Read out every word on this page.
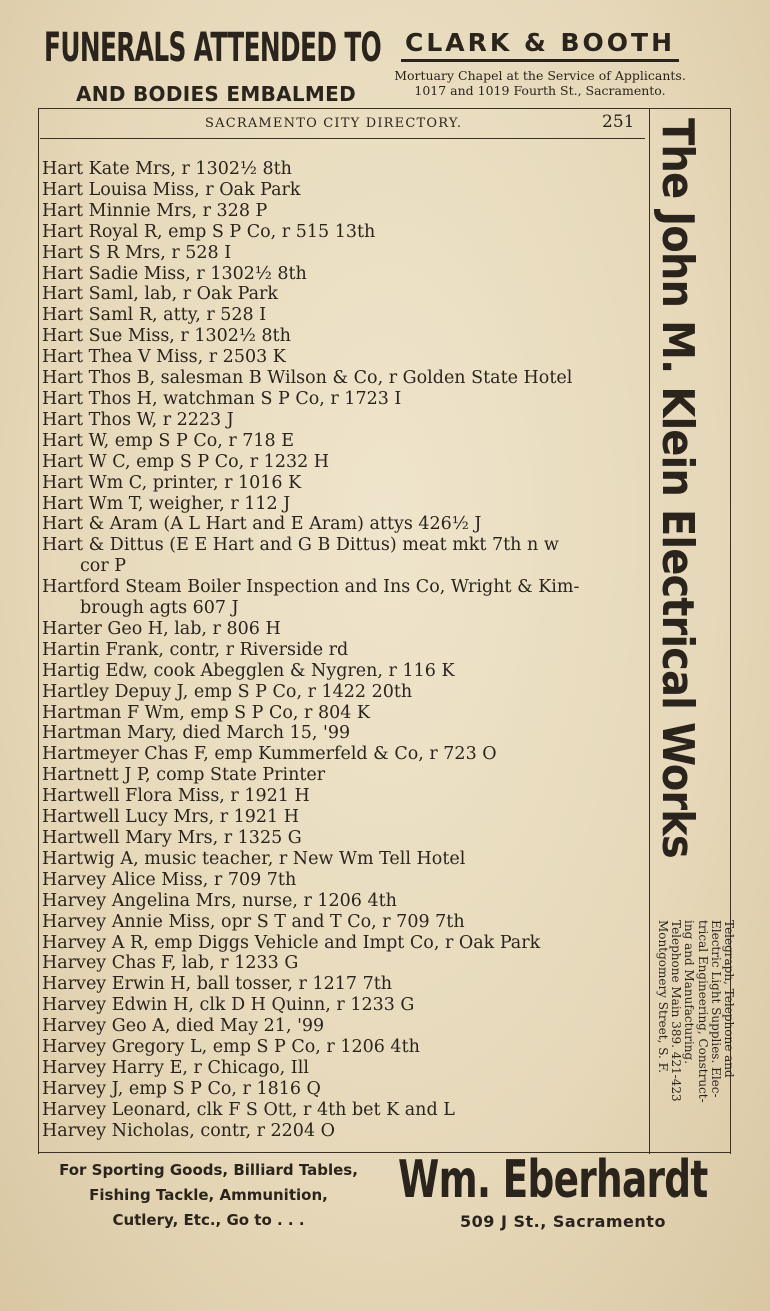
FUNERALS ATTENDED TO
AND BODIES EMBALMED
CLARK & BOOTH
Mortuary Chapel at the Service of Applicants.
1017 and 1019 Fourth St., Sacramento.
SACRAMENTO CITY DIRECTORY.	251
Hart Kate Mrs, r 1302½ 8th
Hart Louisa Miss, r Oak Park
Hart Minnie Mrs, r 328 P
Hart Royal R, emp S P Co, r 515 13th
Hart S R Mrs, r 528 I
Hart Sadie Miss, r 1302½ 8th
Hart Saml, lab, r Oak Park
Hart Saml R, atty, r 528 I
Hart Sue Miss, r 1302½ 8th
Hart Thea V Miss, r 2503 K
Hart Thos B, salesman B Wilson & Co, r Golden State Hotel
Hart Thos H, watchman S P Co, r 1723 I
Hart Thos W, r 2223 J
Hart W, emp S P Co, r 718 E
Hart W C, emp S P Co, r 1232 H
Hart Wm C, printer, r 1016 K
Hart Wm T, weigher, r 112 J
Hart & Aram (A L Hart and E Aram) attys 426½ J
Hart & Dittus (E E Hart and G B Dittus) meat mkt 7th n w
cor P
Hartford Steam Boiler Inspection and Ins Co, Wright & Kim-
brough agts 607 J
Harter Geo H, lab, r 806 H
Hartin Frank, contr, r Riverside rd
Hartig Edw, cook Abegglen & Nygren, r 116 K
Hartley Depuy J, emp S P Co, r 1422 20th
Hartman F Wm, emp S P Co, r 804 K
Hartman Mary, died March 15, '99
Hartmeyer Chas F, emp Kummerfeld & Co, r 723 O
Hartnett J P, comp State Printer
Hartwell Flora Miss, r 1921 H
Hartwell Lucy Mrs, r 1921 H
Hartwell Mary Mrs, r 1325 G
Hartwig A, music teacher, r New Wm Tell Hotel
Harvey Alice Miss, r 709 7th
Harvey Angelina Mrs, nurse, r 1206 4th
Harvey Annie Miss, opr S T and T Co, r 709 7th
Harvey A R, emp Diggs Vehicle and Impt Co, r Oak Park
Harvey Chas F, lab, r 1233 G
Harvey Erwin H, ball tosser, r 1217 7th
Harvey Edwin H, clk D H Quinn, r 1233 G
Harvey Geo A, died May 21, '99
Harvey Gregory L, emp S P Co, r 1206 4th
Harvey Harry E, r Chicago, Ill
Harvey J, emp S P Co, r 1816 Q
Harvey Leonard, clk F S Ott, r 4th bet K and L
Harvey Nicholas, contr, r 2204 O
The John M. Klein Electrical Works
Telegraph, Telephone and
Electric Light Supplies. Elec-
trical Engineering, Construct-
ing and Manufacturing.
Telephone Main 389. 421-423
Montgomery Street, S. F.
For Sporting Goods, Billiard Tables,
Fishing Tackle, Ammunition,
Cutlery, Etc., Go to . . .
Wm. Eberhardt
509 J St., Sacramento
